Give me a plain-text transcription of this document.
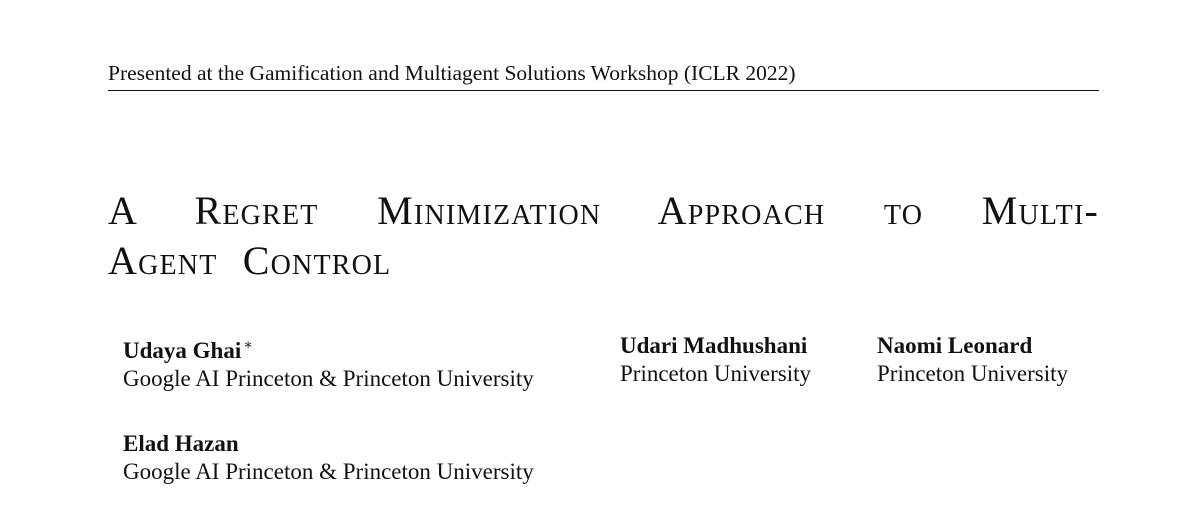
Presented at the Gamification and Multiagent Solutions Workshop (ICLR 2022)
A Regret Minimization Approach to Multi-
Agent Control
Udaya Ghai ∗
Google AI Princeton & Princeton University
Udari Madhushani
Princeton University
Naomi Leonard
Princeton University
Elad Hazan
Google AI Princeton & Princeton University
